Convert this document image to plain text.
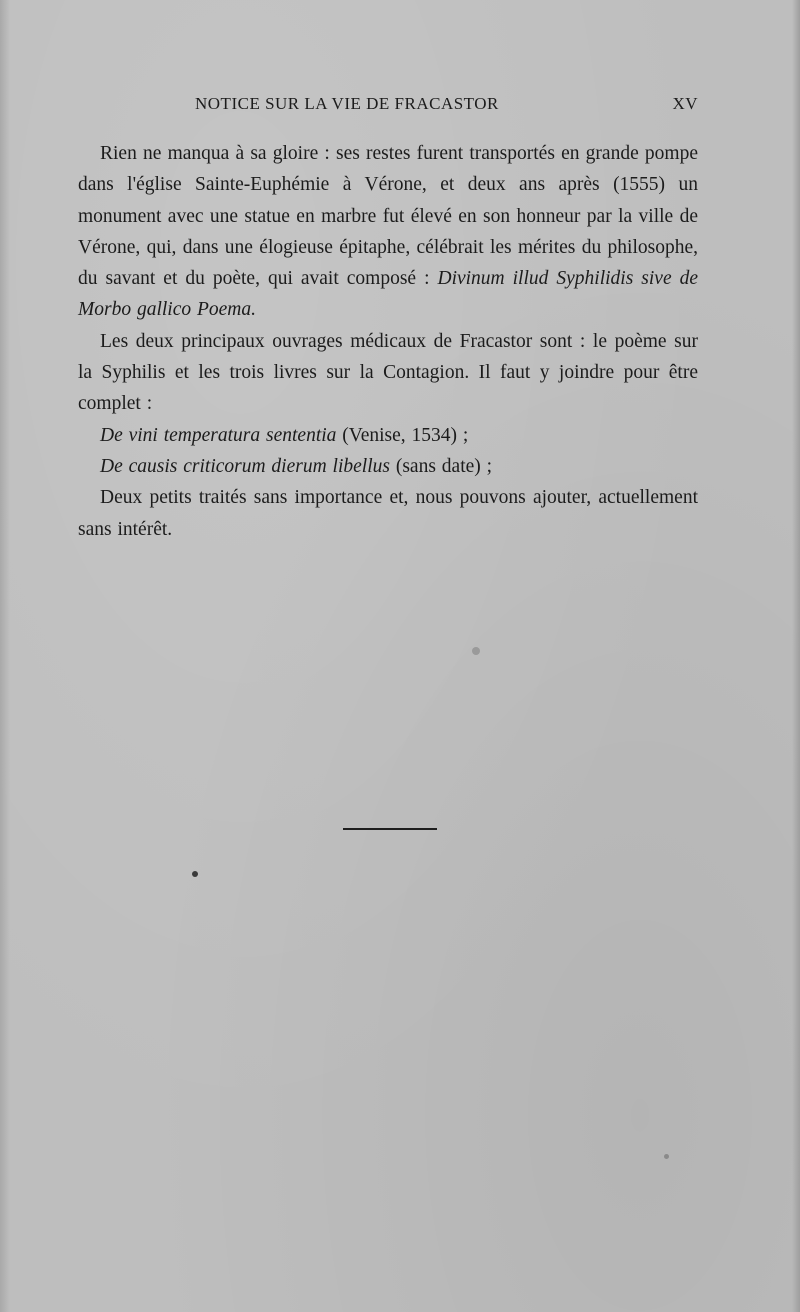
NOTICE SUR LA VIE DE FRACASTOR	XV

Rien ne manqua à sa gloire : ses restes furent transportés en grande pompe dans l'église Sainte-Euphémie à Vérone, et deux ans après (1555) un monument avec une statue en marbre fut élevé en son honneur par la ville de Vérone, qui, dans une élogieuse épitaphe, célébrait les mérites du philosophe, du savant et du poète, qui avait composé : Divinum illud Syphilidis sive de Morbo gallico Poema.

Les deux principaux ouvrages médicaux de Fracastor sont : le poème sur la Syphilis et les trois livres sur la Contagion. Il faut y joindre pour être complet :

De vini temperatura sententia (Venise, 1534) ;

De causis criticorum dierum libellus (sans date) ;

Deux petits traités sans importance et, nous pouvons ajouter, actuellement sans intérêt.
